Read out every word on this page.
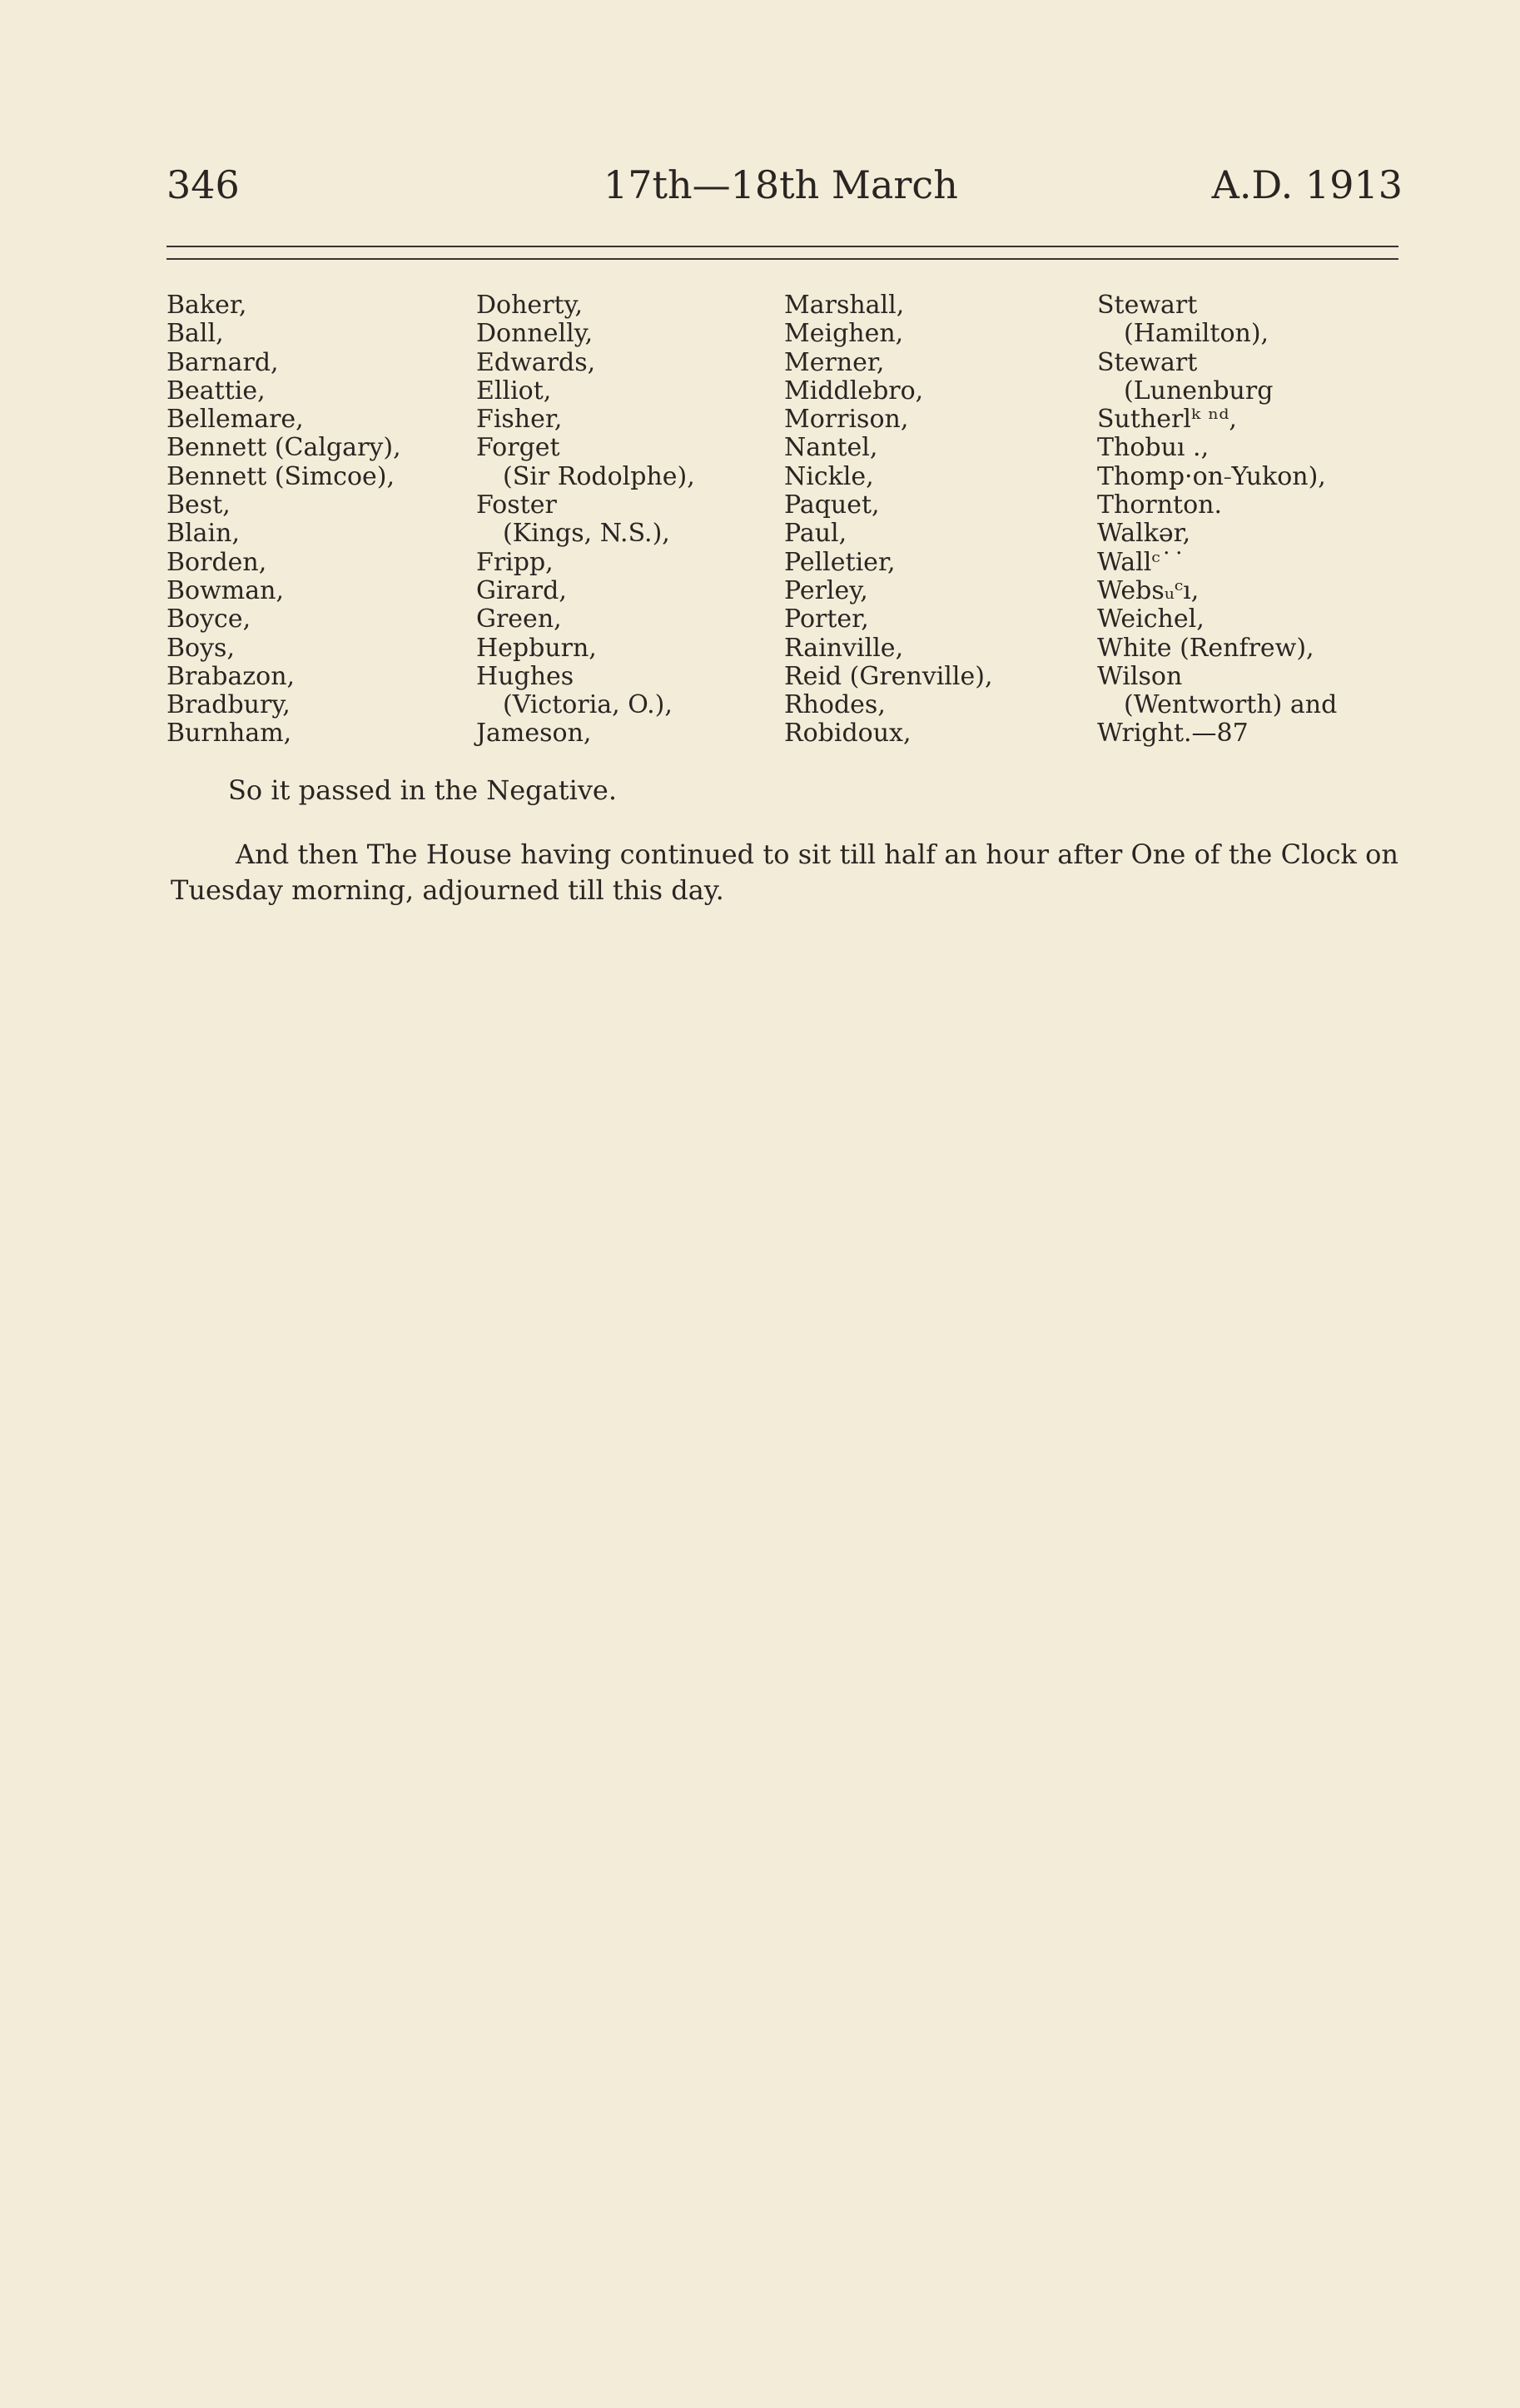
346	17th—18th March	A.D. 1913
Baker,
Ball,
Barnard,
Beattie,
Bellemare,
Bennett (Calgary),
Bennett (Simcoe),
Best,
Blain,
Borden,
Bowman,
Boyce,
Boys,
Brabazon,
Bradbury,
Burnham,
Doherty,
Donnelly,
Edwards,
Elliot,
Fisher,
Forget
(Sir Rodolphe),
Foster
(Kings, N.S.),
Fripp,
Girard,
Green,
Hepburn,
Hughes
(Victoria, O.),
Jameson,
Marshall,
Meighen,
Merner,
Middlebro,
Morrison,
Nantel,
Nickle,
Paquet,
Paul,
Pelletier,
Perley,
Porter,
Rainville,
Reid (Grenville),
Rhodes,
Robidoux,
Stewart
(Hamilton),
Stewart
(Lunenburg
Sutherlᵏ ⁿᵈ,
Thobuı .,
Thomp·on ̵Yukon),
Thornton.
Walkər,
Wallᶜ˙˙
Websᵤᶜı,
Weichel,
White (Renfrew),
Wilson
(Wentworth) and
Wright.—87
So it passed in the Negative.
And then The House having continued to sit till half an hour after One of the Clock on Tuesday morning, adjourned till this day.
